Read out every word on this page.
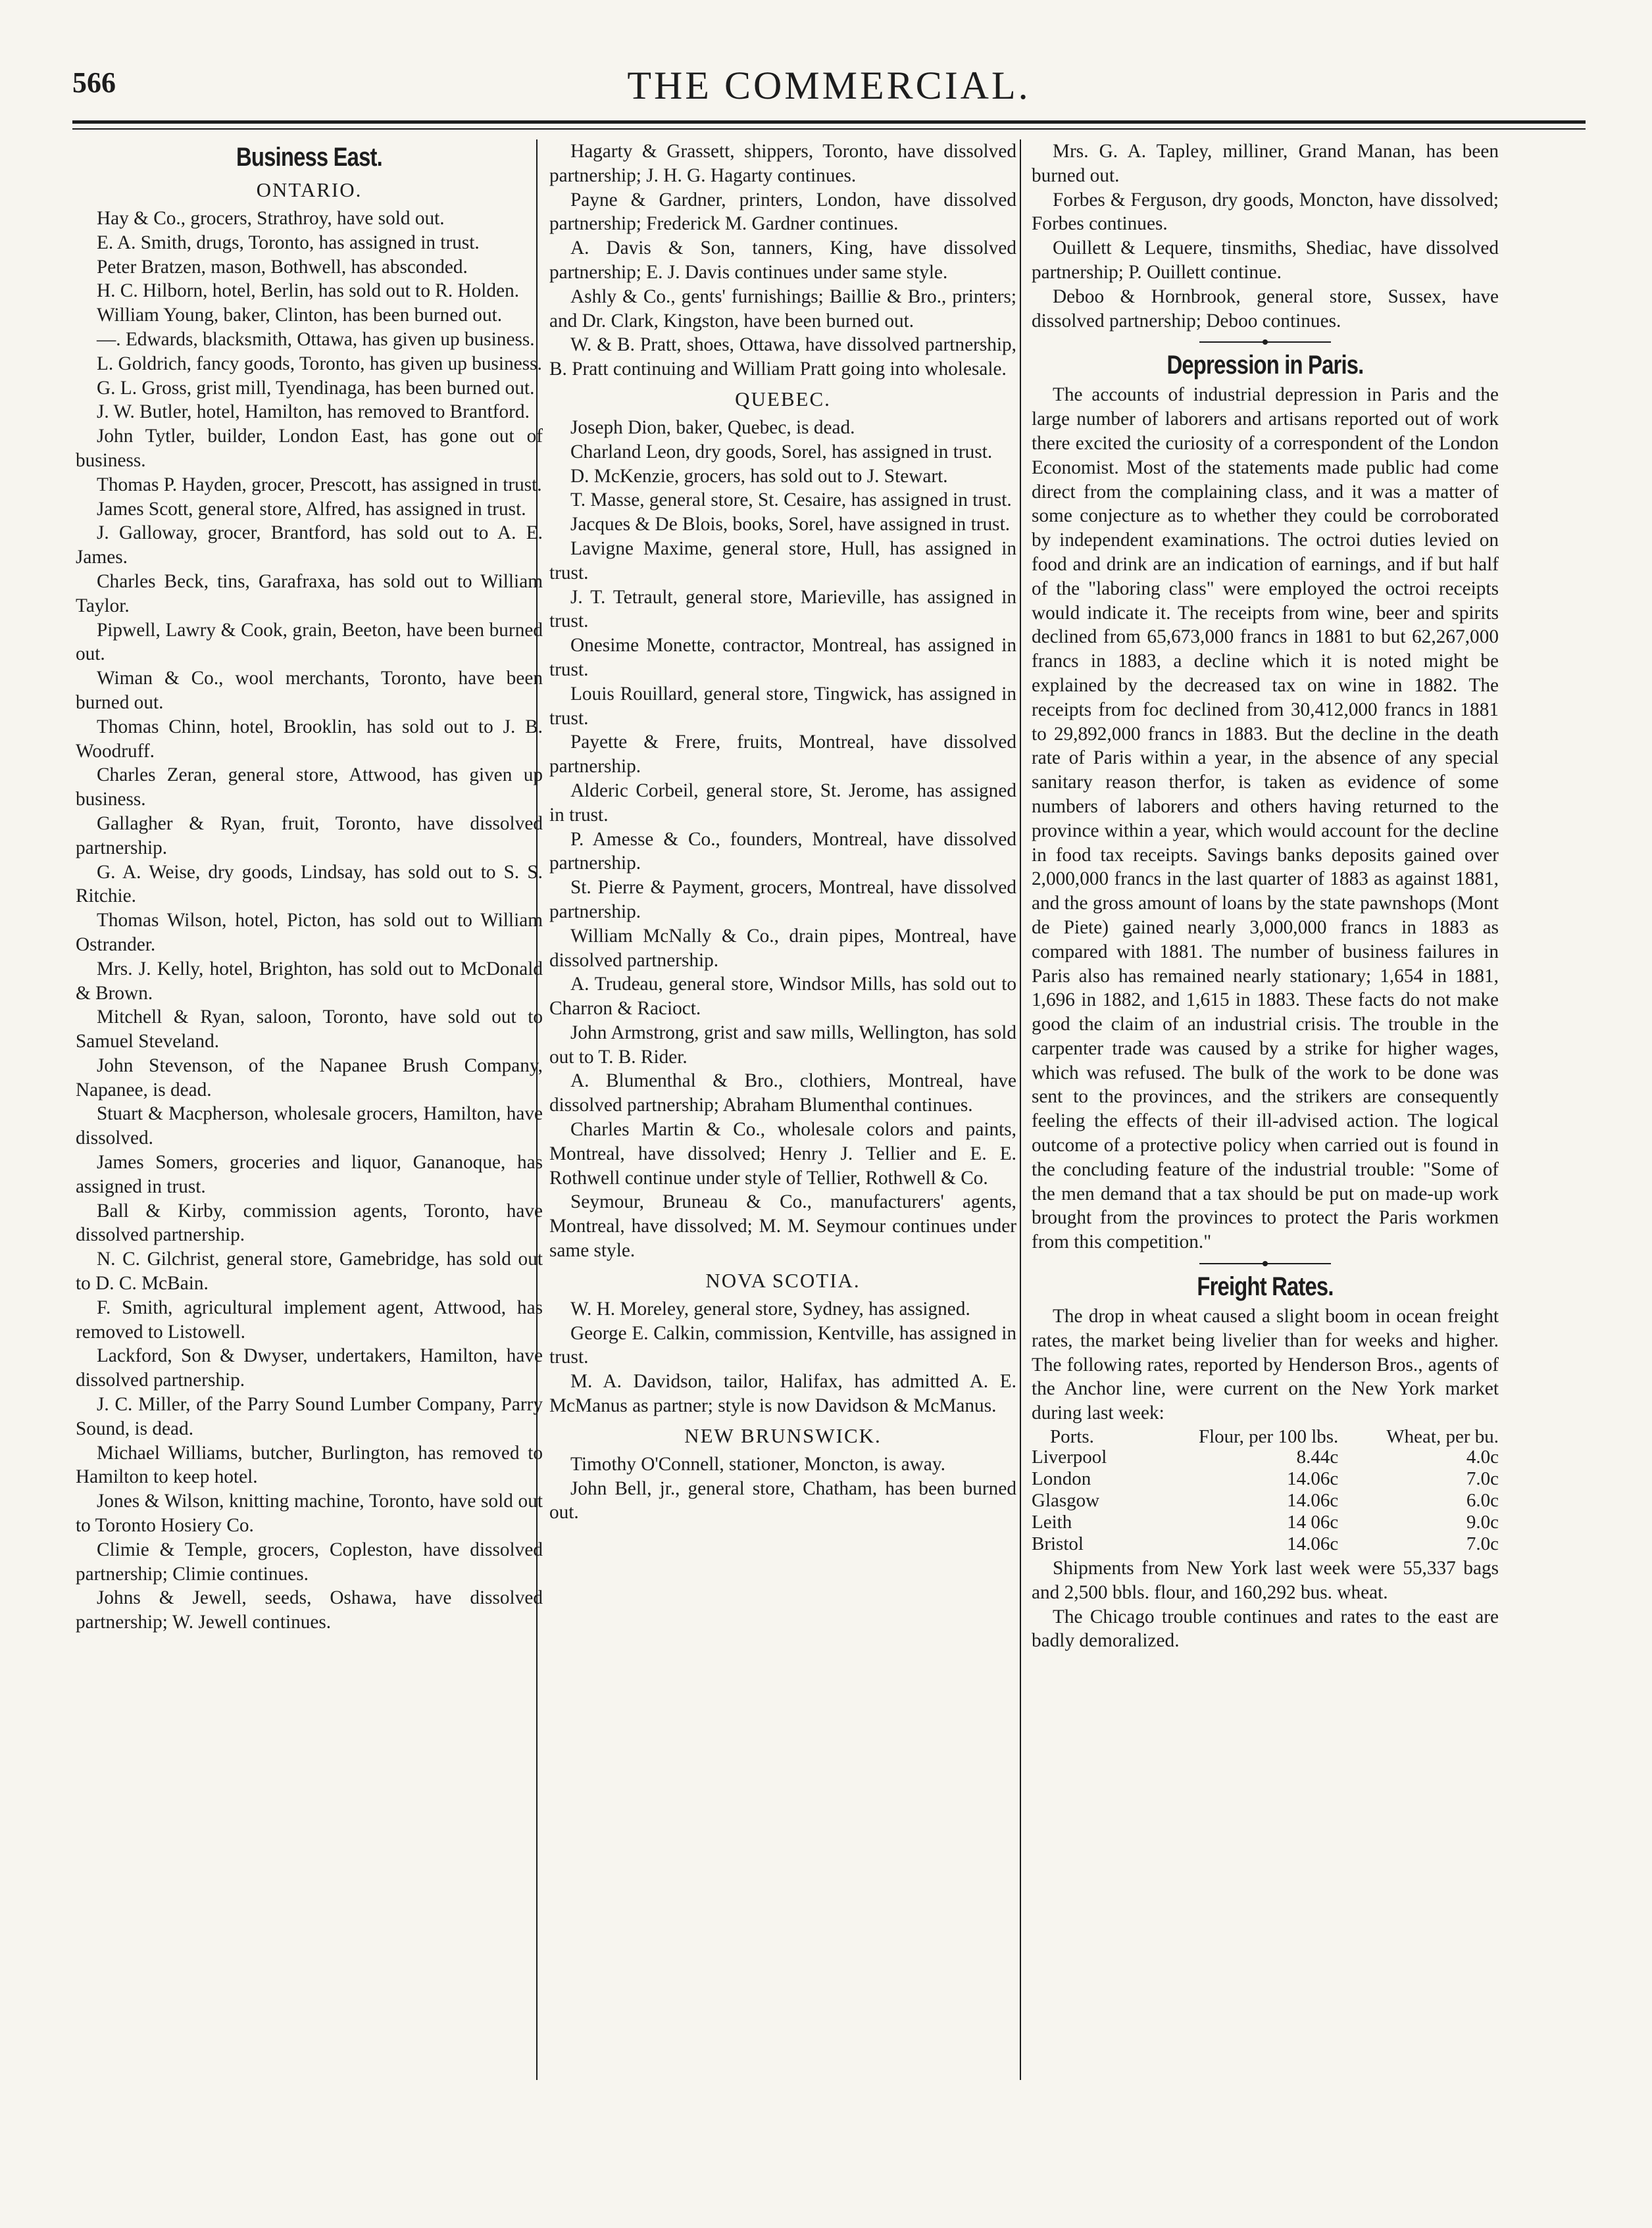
566	THE COMMERCIAL.
Business East.
ONTARIO.

Hay & Co., grocers, Strathroy, have sold out.

E. A. Smith, drugs, Toronto, has assigned in trust.

Peter Bratzen, mason, Bothwell, has absconded.

H. C. Hilborn, hotel, Berlin, has sold out to R. Holden.

William Young, baker, Clinton, has been burned out.

—. Edwards, blacksmith, Ottawa, has given up business.

L. Goldrich, fancy goods, Toronto, has given up business.

G. L. Gross, grist mill, Tyendinaga, has been burned out.

J. W. Butler, hotel, Hamilton, has removed to Brantford.

John Tytler, builder, London East, has gone out of business.

Thomas P. Hayden, grocer, Prescott, has assigned in trust.

James Scott, general store, Alfred, has assigned in trust.

J. Galloway, grocer, Brantford, has sold out to A. E. James.

Charles Beck, tins, Garafraxa, has sold out to William Taylor.

Pipwell, Lawry & Cook, grain, Beeton, have been burned out.

Wiman & Co., wool merchants, Toronto, have been burned out.

Thomas Chinn, hotel, Brooklin, has sold out to J. B. Woodruff.

Charles Zeran, general store, Attwood, has given up business.

Gallagher & Ryan, fruit, Toronto, have dissolved partnership.

G. A. Weise, dry goods, Lindsay, has sold out to S. S. Ritchie.

Thomas Wilson, hotel, Picton, has sold out to William Ostrander.

Mrs. J. Kelly, hotel, Brighton, has sold out to McDonald & Brown.

Mitchell & Ryan, saloon, Toronto, have sold out to Samuel Steveland.

John Stevenson, of the Napanee Brush Company, Napanee, is dead.

Stuart & Macpherson, wholesale grocers, Hamilton, have dissolved.

James Somers, groceries and liquor, Gananoque, has assigned in trust.

Ball & Kirby, commission agents, Toronto, have dissolved partnership.

N. C. Gilchrist, general store, Gamebridge, has sold out to D. C. McBain.

F. Smith, agricultural implement agent, Attwood, has removed to Listowell.

Lackford, Son & Dwyser, undertakers, Hamilton, have dissolved partnership.

J. C. Miller, of the Parry Sound Lumber Company, Parry Sound, is dead.

Michael Williams, butcher, Burlington, has removed to Hamilton to keep hotel.

Jones & Wilson, knitting machine, Toronto, have sold out to Toronto Hosiery Co.

Climie & Temple, grocers, Copleston, have dissolved partnership; Climie continues.

Johns & Jewell, seeds, Oshawa, have dissolved partnership; W. Jewell continues.

Hagarty & Grassett, shippers, Toronto, have dissolved partnership; J. H. G. Hagarty continues.

Payne & Gardner, printers, London, have dissolved partnership; Frederick M. Gardner continues.

A. Davis & Son, tanners, King, have dissolved partnership; E. J. Davis continues under same style.

Ashly & Co., gents' furnishings; Baillie & Bro., printers; and Dr. Clark, Kingston, have been burned out.

W. & B. Pratt, shoes, Ottawa, have dissolved partnership, B. Pratt continuing and William Pratt going into wholesale.

QUEBEC.

Joseph Dion, baker, Quebec, is dead.

Charland Leon, dry goods, Sorel, has assigned in trust.

D. McKenzie, grocers, has sold out to J. Stewart.

T. Masse, general store, St. Cesaire, has assigned in trust.

Jacques & De Blois, books, Sorel, have assigned in trust.

Lavigne Maxime, general store, Hull, has assigned in trust.

J. T. Tetrault, general store, Marieville, has assigned in trust.

Onesime Monette, contractor, Montreal, has assigned in trust.

Louis Rouillard, general store, Tingwick, has assigned in trust.

Payette & Frere, fruits, Montreal, have dissolved partnership.

Alderic Corbeil, general store, St. Jerome, has assigned in trust.

P. Amesse & Co., founders, Montreal, have dissolved partnership.

St. Pierre & Payment, grocers, Montreal, have dissolved partnership.

William McNally & Co., drain pipes, Montreal, have dissolved partnership.

A. Trudeau, general store, Windsor Mills, has sold out to Charron & Racioct.

John Armstrong, grist and saw mills, Wellington, has sold out to T. B. Rider.

A. Blumenthal & Bro., clothiers, Montreal, have dissolved partnership; Abraham Blumenthal continues.

Charles Martin & Co., wholesale colors and paints, Montreal, have dissolved; Henry J. Tellier and E. E. Rothwell continue under style of Tellier, Rothwell & Co.

Seymour, Bruneau & Co., manufacturers' agents, Montreal, have dissolved; M. M. Seymour continues under same style.

NOVA SCOTIA.

W. H. Moreley, general store, Sydney, has assigned.

George E. Calkin, commission, Kentville, has assigned in trust.

M. A. Davidson, tailor, Halifax, has admitted A. E. McManus as partner; style is now Davidson & McManus.

NEW BRUNSWICK.

Timothy O'Connell, stationer, Moncton, is away.

John Bell, jr., general store, Chatham, has been burned out.

Mrs. G. A. Tapley, milliner, Grand Manan, has been burned out.

Forbes & Ferguson, dry goods, Moncton, have dissolved; Forbes continues.

Ouillett & Lequere, tinsmiths, Shediac, have dissolved partnership; P. Ouillett continue.

Deboo & Hornbrook, general store, Sussex, have dissolved partnership; Deboo continues.

Depression in Paris.

The accounts of industrial depression in Paris and the large number of laborers and artisans reported out of work there excited the curiosity of a correspondent of the London Economist. Most of the statements made public had come direct from the complaining class, and it was a matter of some conjecture as to whether they could be corroborated by independent examinations. The octroi duties levied on food and drink are an indication of earnings, and if but half of the "laboring class" were employed the octroi receipts would indicate it. The receipts from wine, beer and spirits declined from 65,673,000 francs in 1881 to but 62,267,000 francs in 1883, a decline which it is noted might be explained by the decreased tax on wine in 1882. The receipts from foc declined from 30,412,000 francs in 1881 to 29,892,000 francs in 1883. But the decline in the death rate of Paris within a year, in the absence of any special sanitary reason therfor, is taken as evidence of some numbers of laborers and others having returned to the province within a year, which would account for the decline in food tax receipts. Savings banks deposits gained over 2,000,000 francs in the last quarter of 1883 as against 1881, and the gross amount of loans by the state pawnshops (Mont de Piete) gained nearly 3,000,000 francs in 1883 as compared with 1881. The number of business failures in Paris also has remained nearly stationary; 1,654 in 1881, 1,696 in 1882, and 1,615 in 1883. These facts do not make good the claim of an industrial crisis. The trouble in the carpenter trade was caused by a strike for higher wages, which was refused. The bulk of the work to be done was sent to the provinces, and the strikers are consequently feeling the effects of their ill-advised action. The logical outcome of a protective policy when carried out is found in the concluding feature of the industrial trouble: "Some of the men demand that a tax should be put on made-up work brought from the provinces to protect the Paris workmen from this competition."

Freight Rates.

The drop in wheat caused a slight boom in ocean freight rates, the market being livelier than for weeks and higher. The following rates, reported by Henderson Bros., agents of the Anchor line, were current on the New York market during last week:

Ports.	Flour, per 100 lbs.	Wheat, per bu.
Liverpool	8.44c	4.0c
London	14.06c	7.0c
Glasgow	14.06c	6.0c
Leith	14 06c	9.0c
Bristol	14.06c	7.0c

Shipments from New York last week were 55,337 bags and 2,500 bbls. flour, and 160,292 bus. wheat.

The Chicago trouble continues and rates to the east are badly demoralized.
